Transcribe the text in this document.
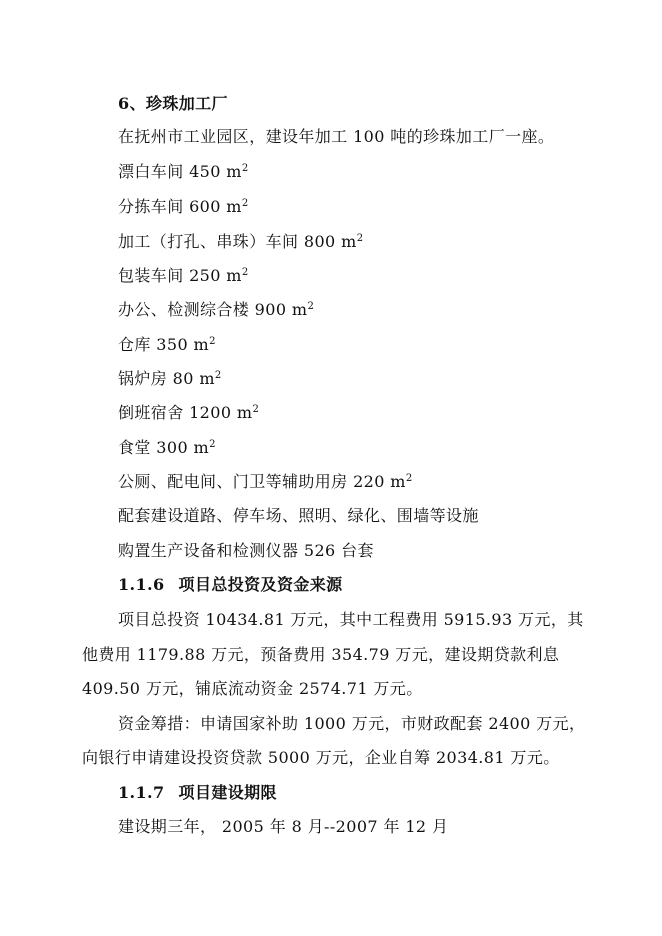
6、珍珠加工厂
在抚州市工业园区，建设年加工 100 吨的珍珠加工厂一座。
漂白车间 450 $m^2$
分拣车间 600 $m^2$
加工（打孔、串珠）车间 800 $m^2$
包装车间 250 $m^2$
办公、检测综合楼 900 $m^2$
仓库 350 $m^2$
锅炉房 80 $m^2$
倒班宿舍 1200 $m^2$
食堂 300 $m^2$
公厕、配电间、门卫等辅助用房 220 $m^2$
配套建设道路、停车场、照明、绿化、围墙等设施
购置生产设备和检测仪器 526 台套
1.1.6 项目总投资及资金来源
项目总投资 10434.81 万元，其中工程费用 5915.93 万元，其
他费用 1179.88 万元，预备费用 354.79 万元，建设期贷款利息
409.50 万元，铺底流动资金 2574.71 万元。
资金筹措：申请国家补助 1000 万元，市财政配套 2400 万元，
向银行申请建设投资贷款 5000 万元，企业自筹 2034.81 万元。
1.1.7 项目建设期限
建设期三年， 2005 年 8 月--2007 年 12 月
